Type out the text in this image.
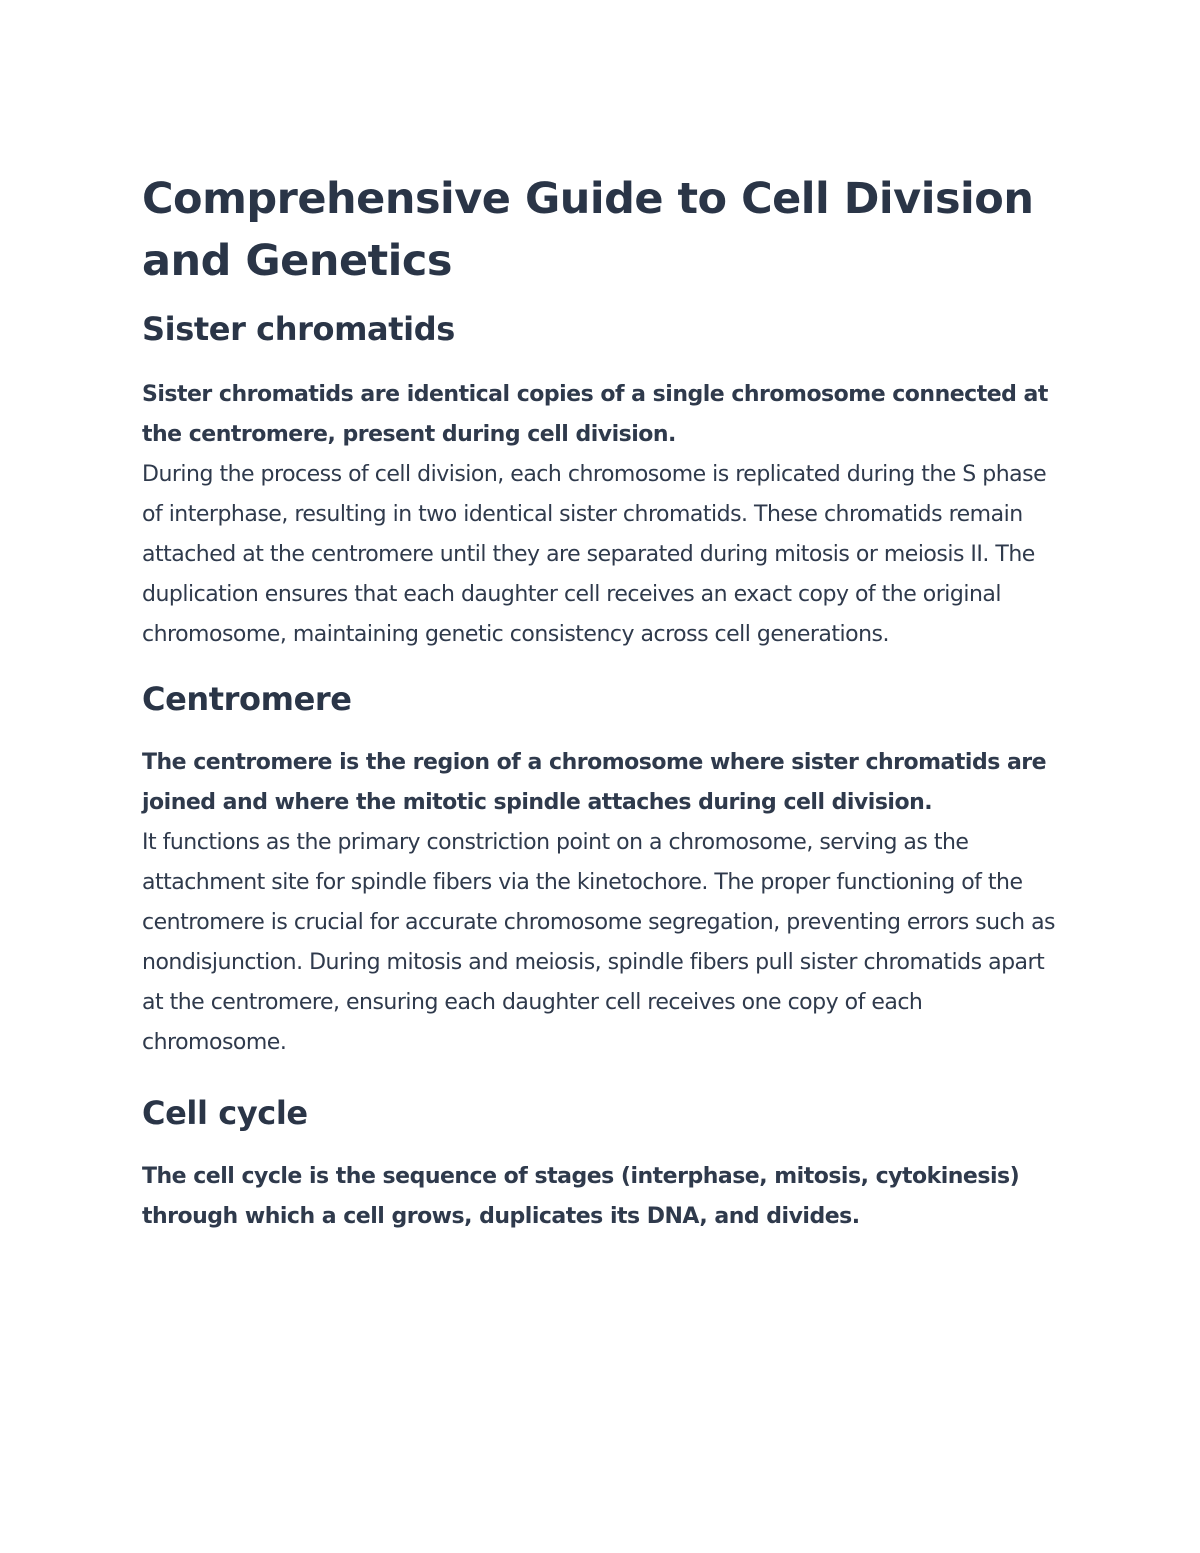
Comprehensive Guide to Cell Division and Genetics
Sister chromatids

Sister chromatids are identical copies of a single chromosome connected at the centromere, present during cell division.

During the process of cell division, each chromosome is replicated during the S phase of interphase, resulting in two identical sister chromatids. These chromatids remain attached at the centromere until they are separated during mitosis or meiosis II. The duplication ensures that each daughter cell receives an exact copy of the original chromosome, maintaining genetic consistency across cell generations.

Centromere

The centromere is the region of a chromosome where sister chromatids are joined and where the mitotic spindle attaches during cell division.

It functions as the primary constriction point on a chromosome, serving as the attachment site for spindle fibers via the kinetochore. The proper functioning of the centromere is crucial for accurate chromosome segregation, preventing errors such as nondisjunction. During mitosis and meiosis, spindle fibers pull sister chromatids apart at the centromere, ensuring each daughter cell receives one copy of each chromosome.

Cell cycle

The cell cycle is the sequence of stages (interphase, mitosis, cytokinesis) through which a cell grows, duplicates its DNA, and divides.
